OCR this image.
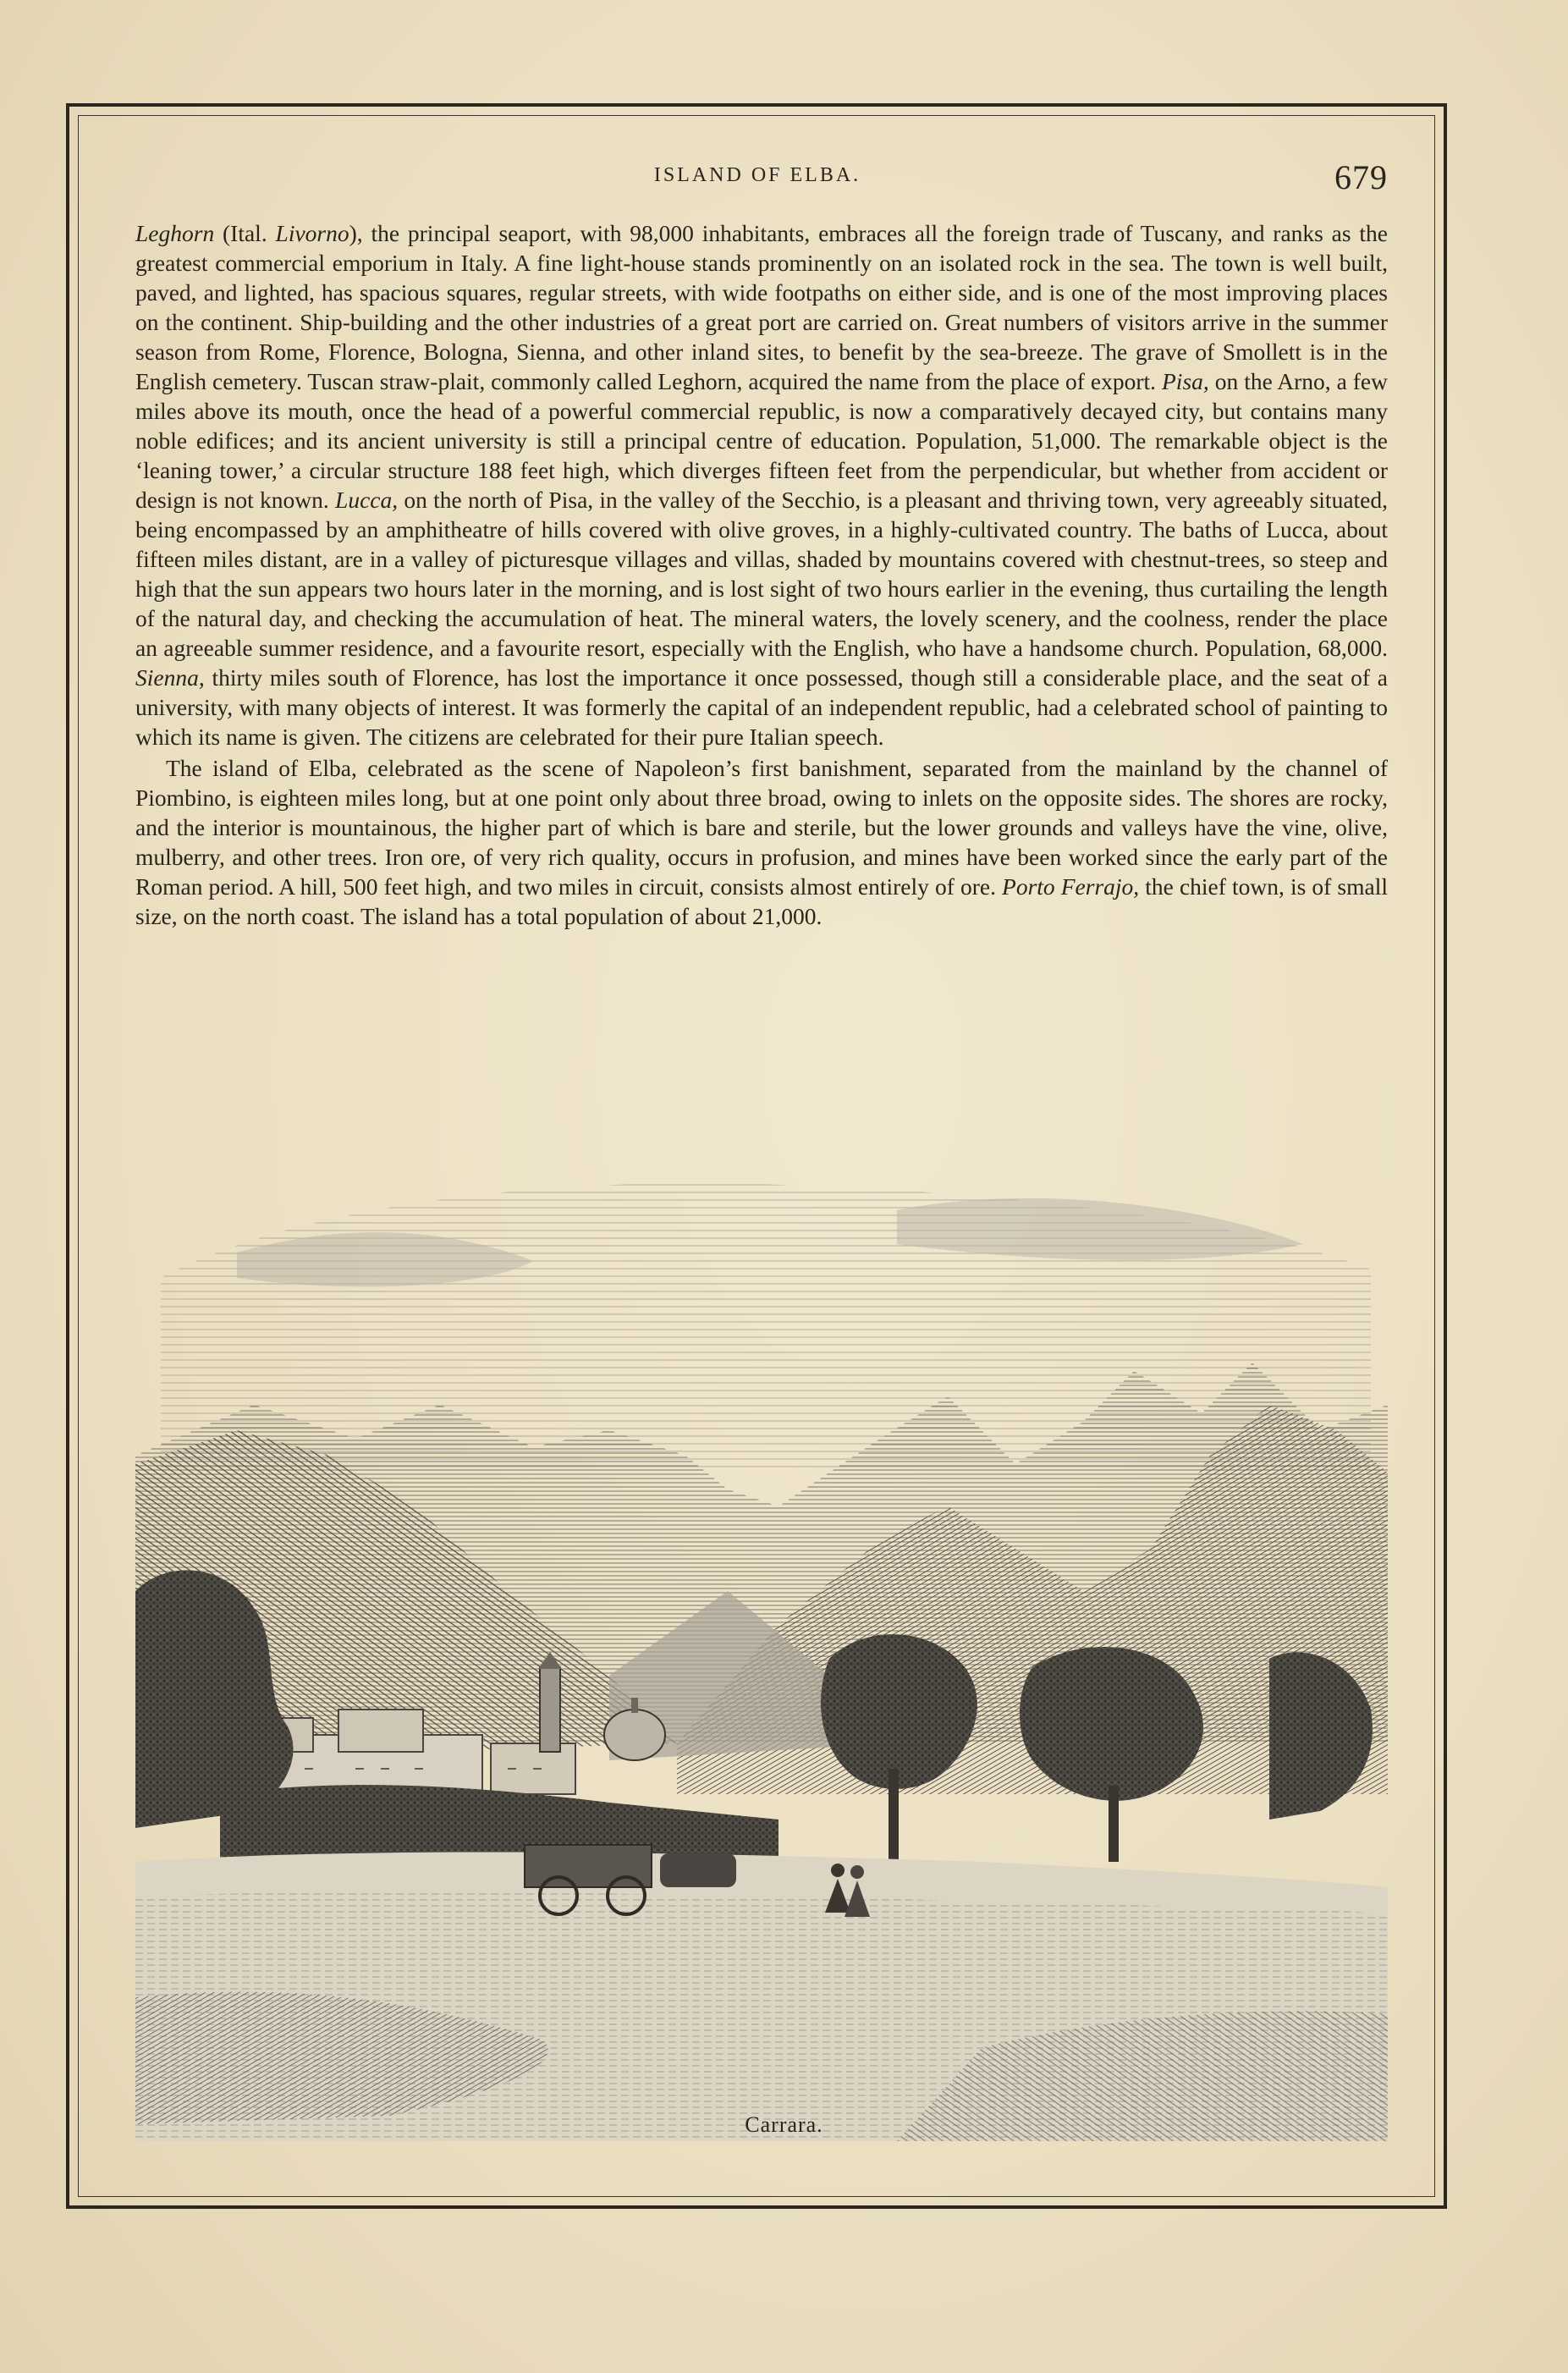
ISLAND OF ELBA.	679

Leghorn (Ital. Livorno), the principal seaport, with 98,000 inhabitants, embraces all the foreign trade of Tuscany, and ranks as the greatest commercial emporium in Italy. A fine light-house stands prominently on an isolated rock in the sea. The town is well built, paved, and lighted, has spacious squares, regular streets, with wide footpaths on either side, and is one of the most improving places on the continent. Ship-building and the other industries of a great port are carried on. Great numbers of visitors arrive in the summer season from Rome, Florence, Bologna, Sienna, and other inland sites, to benefit by the sea-breeze. The grave of Smollett is in the English cemetery. Tuscan straw-plait, commonly called Leghorn, acquired the name from the place of export. Pisa, on the Arno, a few miles above its mouth, once the head of a powerful commercial republic, is now a comparatively decayed city, but contains many noble edifices; and its ancient university is still a principal centre of education. Population, 51,000. The remarkable object is the ‘leaning tower,’ a circular structure 188 feet high, which diverges fifteen feet from the perpendicular, but whether from accident or design is not known. Lucca, on the north of Pisa, in the valley of the Secchio, is a pleasant and thriving town, very agreeably situated, being encompassed by an amphitheatre of hills covered with olive groves, in a highly-cultivated country. The baths of Lucca, about fifteen miles distant, are in a valley of picturesque villages and villas, shaded by mountains covered with chestnut-trees, so steep and high that the sun appears two hours later in the morning, and is lost sight of two hours earlier in the evening, thus curtailing the length of the natural day, and checking the accumulation of heat. The mineral waters, the lovely scenery, and the coolness, render the place an agreeable summer residence, and a favourite resort, especially with the English, who have a handsome church. Population, 68,000. Sienna, thirty miles south of Florence, has lost the importance it once possessed, though still a considerable place, and the seat of a university, with many objects of interest. It was formerly the capital of an independent republic, had a celebrated school of painting to which its name is given. The citizens are celebrated for their pure Italian speech.

The island of Elba, celebrated as the scene of Napoleon’s first banishment, separated from the mainland by the channel of Piombino, is eighteen miles long, but at one point only about three broad, owing to inlets on the opposite sides. The shores are rocky, and the interior is mountainous, the higher part of which is bare and sterile, but the lower grounds and valleys have the vine, olive, mulberry, and other trees. Iron ore, of very rich quality, occurs in profusion, and mines have been worked since the early part of the Roman period. A hill, 500 feet high, and two miles in circuit, consists almost entirely of ore. Porto Ferrajo, the chief town, is of small size, on the north coast. The island has a total population of about 21,000.

Carrara.
